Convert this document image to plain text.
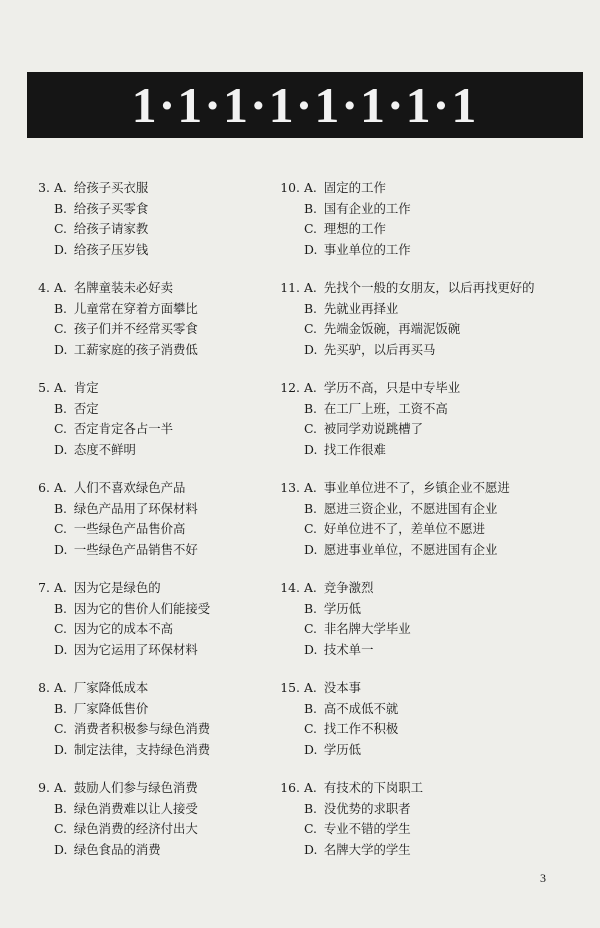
1·1·1·1·1·1·1·1
3. A. 给孩子买衣服
B. 给孩子买零食
C. 给孩子请家教
D. 给孩子压岁钱
4. A. 名牌童装未必好卖
B. 儿童常在穿着方面攀比
C. 孩子们并不经常买零食
D. 工薪家庭的孩子消费低
5. A. 肯定
B. 否定
C. 否定肯定各占一半
D. 态度不鲜明
6. A. 人们不喜欢绿色产品
B. 绿色产品用了环保材料
C. 一些绿色产品售价高
D. 一些绿色产品销售不好
7. A. 因为它是绿色的
B. 因为它的售价人们能接受
C. 因为它的成本不高
D. 因为它运用了环保材料
8. A. 厂家降低成本
B. 厂家降低售价
C. 消费者积极参与绿色消费
D. 制定法律，支持绿色消费
9. A. 鼓励人们参与绿色消费
B. 绿色消费难以让人接受
C. 绿色消费的经济付出大
D. 绿色食品的消费
10. A. 固定的工作
B. 国有企业的工作
C. 理想的工作
D. 事业单位的工作
11. A. 先找个一般的女朋友，以后再找更好的
B. 先就业再择业
C. 先端金饭碗，再端泥饭碗
D. 先买驴，以后再买马
12. A. 学历不高，只是中专毕业
B. 在工厂上班，工资不高
C. 被同学劝说跳槽了
D. 找工作很难
13. A. 事业单位进不了，乡镇企业不愿进
B. 愿进三资企业，不愿进国有企业
C. 好单位进不了，差单位不愿进
D. 愿进事业单位，不愿进国有企业
14. A. 竞争激烈
B. 学历低
C. 非名牌大学毕业
D. 技术单一
15. A. 没本事
B. 高不成低不就
C. 找工作不积极
D. 学历低
16. A. 有技术的下岗职工
B. 没优势的求职者
C. 专业不错的学生
D. 名牌大学的学生
3
